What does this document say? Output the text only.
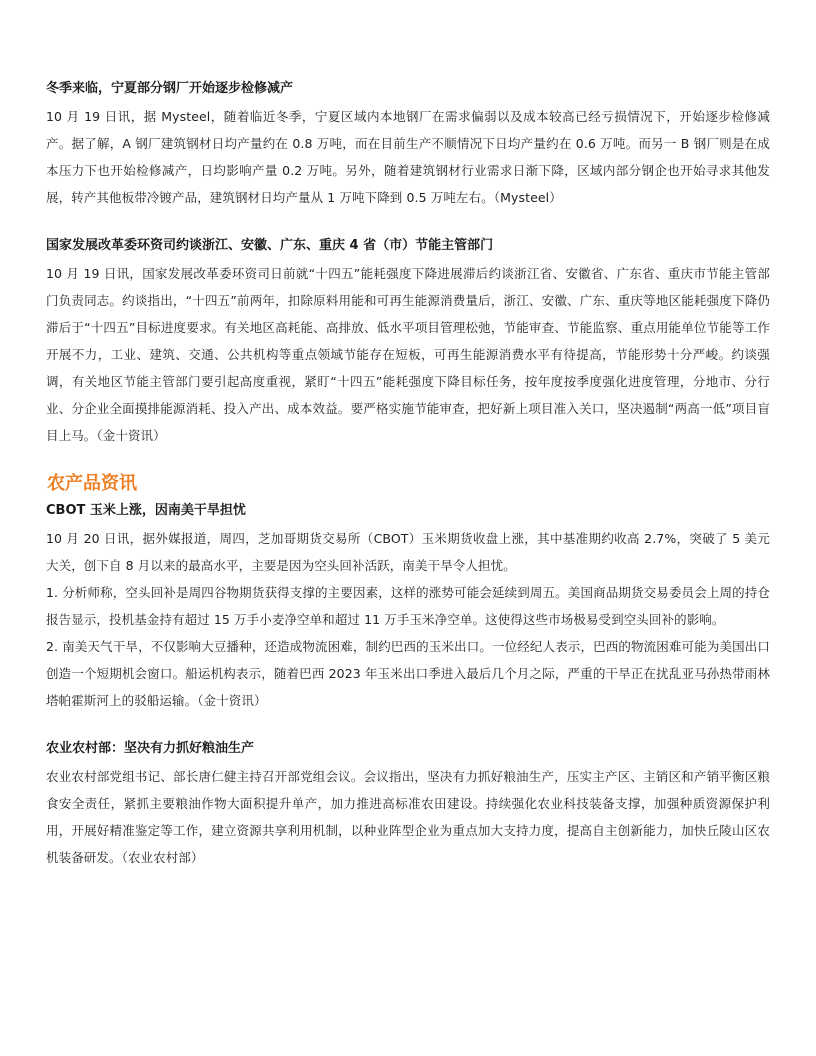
冬季来临，宁夏部分钢厂开始逐步检修减产

10 月 19 日讯，据 Mysteel，随着临近冬季，宁夏区域内本地钢厂在需求偏弱以及成本较高已经亏损情况下，开始逐步检修减产。据了解，A 钢厂建筑钢材日均产量约在 0.8 万吨，而在目前生产不顺情况下日均产量约在 0.6 万吨。而另一 B 钢厂则是在成本压力下也开始检修减产，日均影响产量 0.2 万吨。另外，随着建筑钢材行业需求日渐下降，区域内部分钢企也开始寻求其他发展，转产其他板带冷镀产品，建筑钢材日均产量从 1 万吨下降到 0.5 万吨左右。（Mysteel）

国家发展改革委环资司约谈浙江、安徽、广东、重庆 4 省（市）节能主管部门

10 月 19 日讯，国家发展改革委环资司日前就“十四五”能耗强度下降进展滞后约谈浙江省、安徽省、广东省、重庆市节能主管部门负责同志。约谈指出，“十四五”前两年，扣除原料用能和可再生能源消费量后，浙江、安徽、广东、重庆等地区能耗强度下降仍滞后于“十四五”目标进度要求。有关地区高耗能、高排放、低水平项目管理松弛，节能审查、节能监察、重点用能单位节能等工作开展不力，工业、建筑、交通、公共机构等重点领域节能存在短板，可再生能源消费水平有待提高，节能形势十分严峻。约谈强调，有关地区节能主管部门要引起高度重视，紧盯“十四五”能耗强度下降目标任务，按年度按季度强化进度管理，分地市、分行业、分企业全面摸排能源消耗、投入产出、成本效益。要严格实施节能审查，把好新上项目准入关口，坚决遏制“两高一低”项目盲目上马。（金十资讯）

农产品资讯
CBOT 玉米上涨，因南美干旱担忧

10 月 20 日讯，据外媒报道，周四，芝加哥期货交易所（CBOT）玉米期货收盘上涨，其中基准期约收高 2.7%，突破了 5 美元大关，创下自 8 月以来的最高水平，主要是因为空头回补活跃，南美干旱令人担忧。

1. 分析师称，空头回补是周四谷物期货获得支撑的主要因素，这样的涨势可能会延续到周五。美国商品期货交易委员会上周的持仓报告显示，投机基金持有超过 15 万手小麦净空单和超过 11 万手玉米净空单。这使得这些市场极易受到空头回补的影响。

2. 南美天气干旱，不仅影响大豆播种，还造成物流困难，制约巴西的玉米出口。一位经纪人表示，巴西的物流困难可能为美国出口创造一个短期机会窗口。船运机构表示，随着巴西 2023 年玉米出口季进入最后几个月之际，严重的干旱正在扰乱亚马孙热带雨林塔帕霍斯河上的驳船运输。（金十资讯）

农业农村部：坚决有力抓好粮油生产

农业农村部党组书记、部长唐仁健主持召开部党组会议。会议指出，坚决有力抓好粮油生产，压实主产区、主销区和产销平衡区粮食安全责任，紧抓主要粮油作物大面积提升单产，加力推进高标准农田建设。持续强化农业科技装备支撑，加强种质资源保护利用，开展好精准鉴定等工作，建立资源共享利用机制，以种业阵型企业为重点加大支持力度，提高自主创新能力，加快丘陵山区农机装备研发。（农业农村部）
